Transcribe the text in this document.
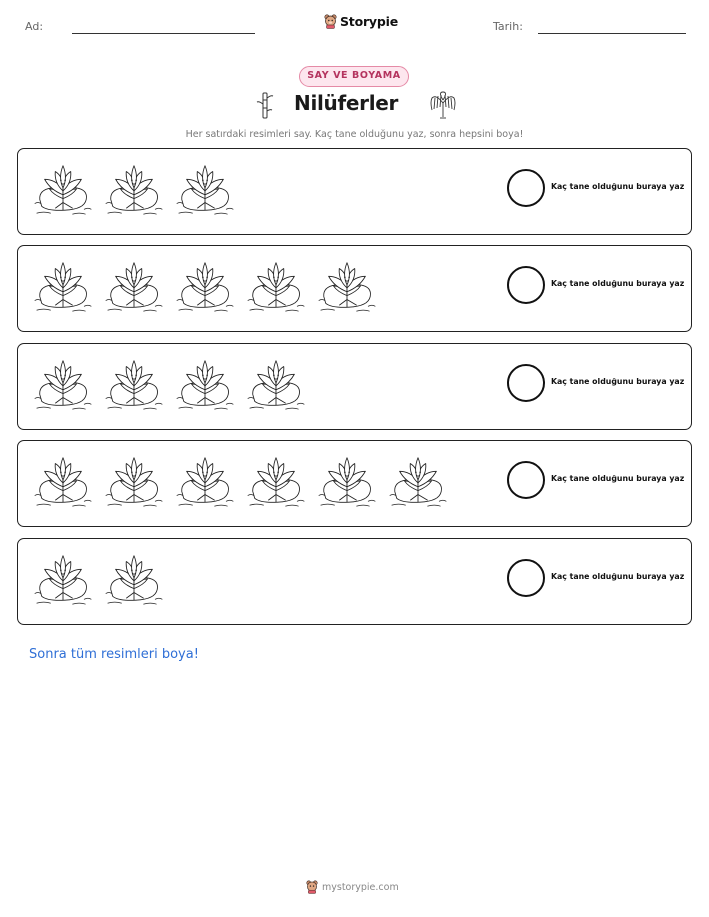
Ad:	Storypie	Tarih:
SAY VE BOYAMA
Nilüferler
Her satırdaki resimleri say. Kaç tane olduğunu yaz, sonra hepsini boya!
Kaç tane olduğunu buraya yaz
Kaç tane olduğunu buraya yaz
Kaç tane olduğunu buraya yaz
Kaç tane olduğunu buraya yaz
Kaç tane olduğunu buraya yaz
Sonra tüm resimleri boya!
mystorypie.com
